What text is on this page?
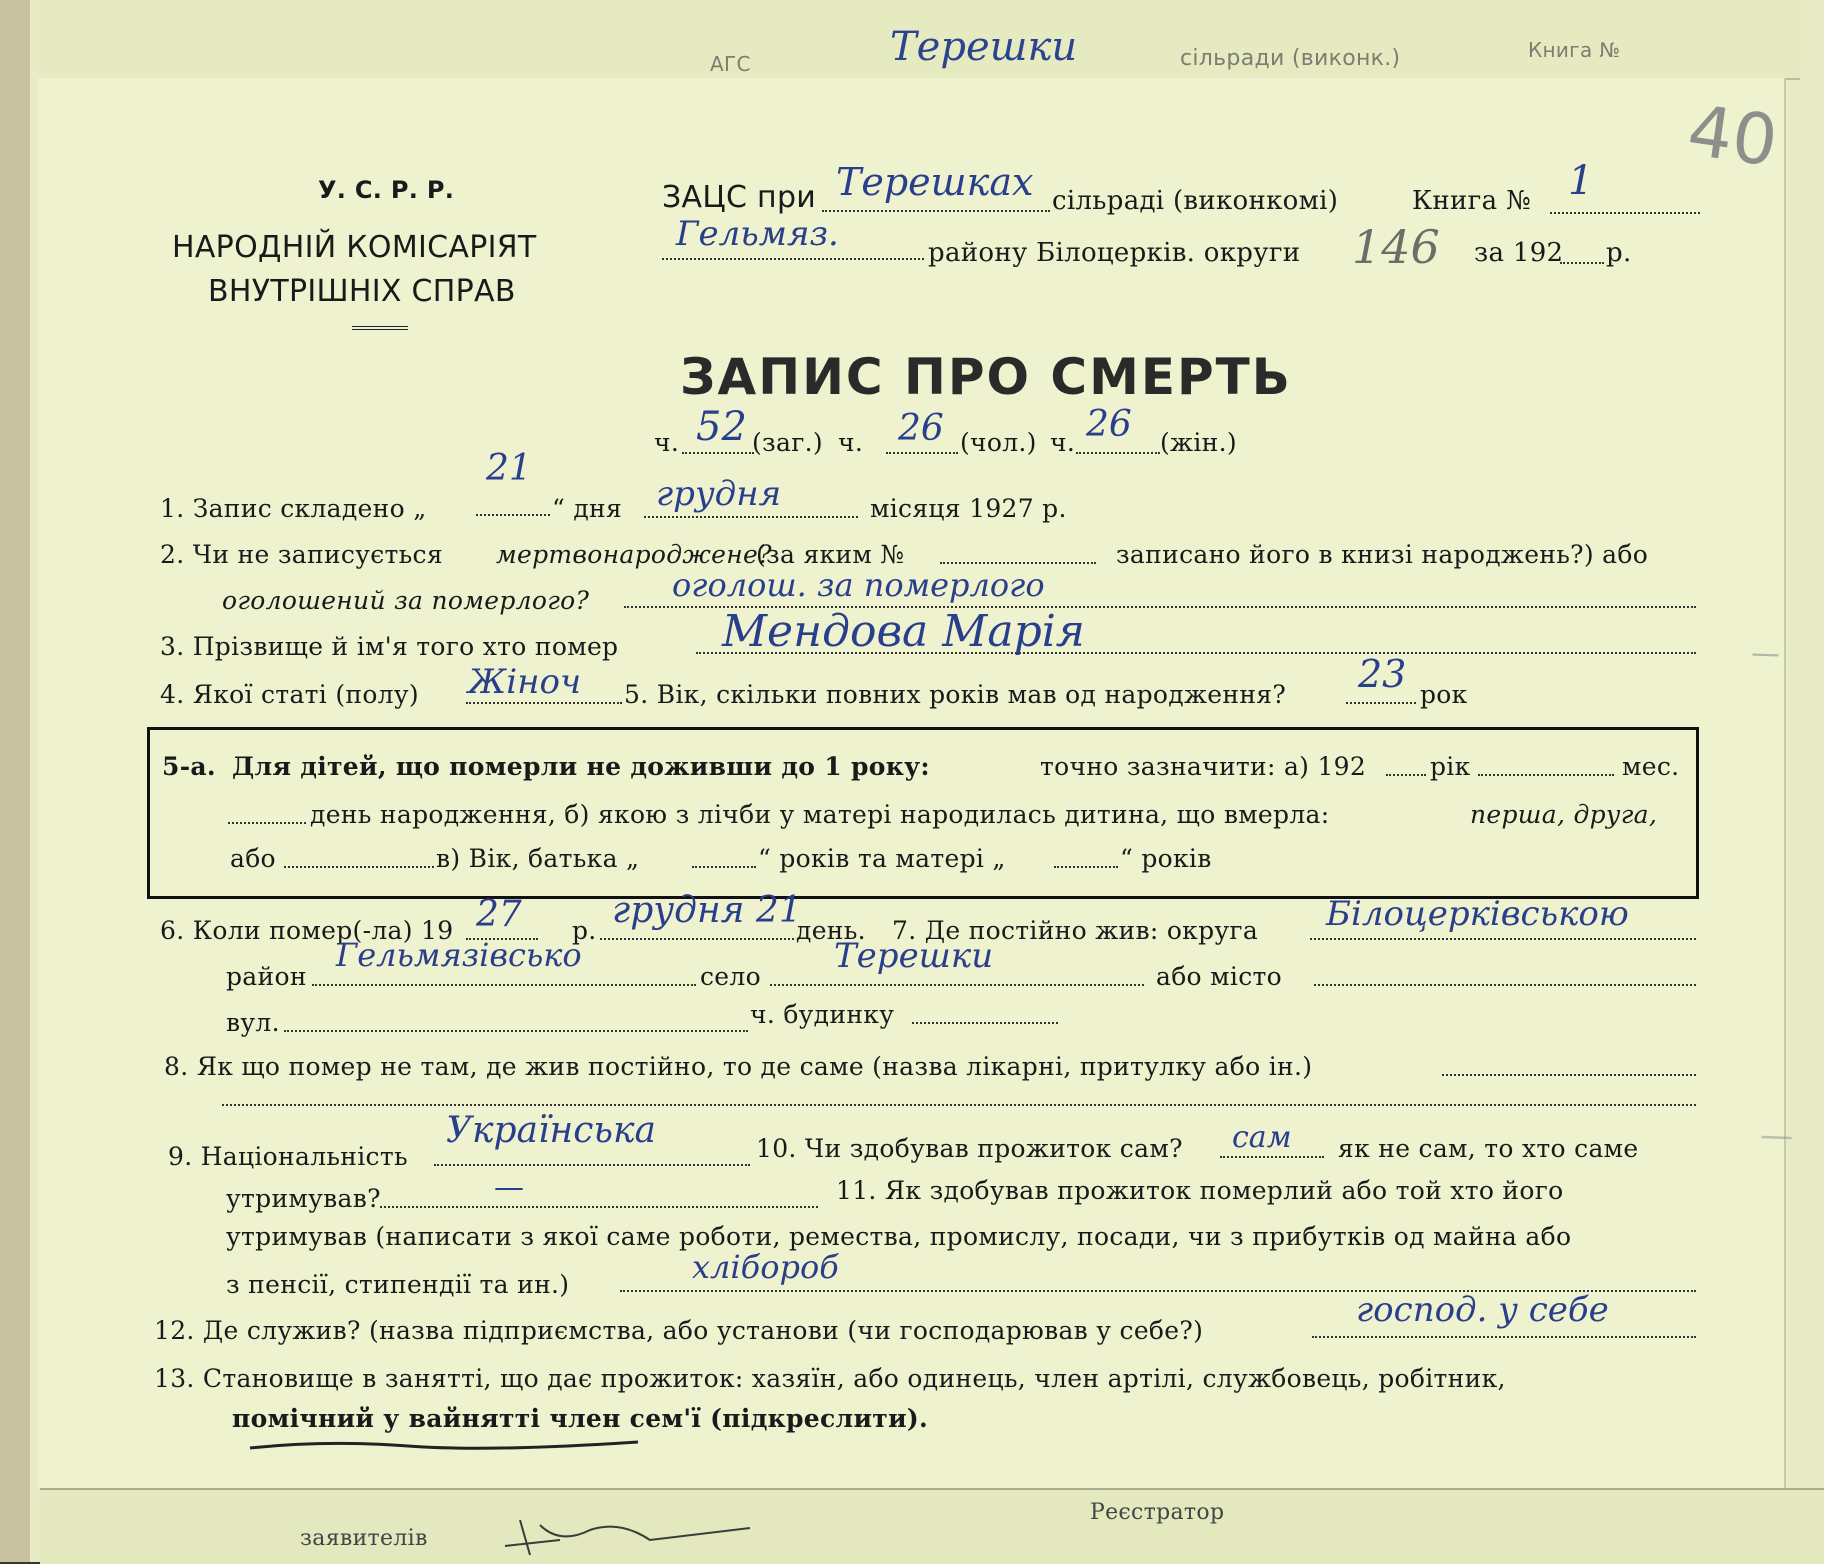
АГС	Терешки	сільради (виконк.)	Книга №
Реєстратор
заявителів
40
У. С. Р. Р.
НАРОДНІЙ КОМІСАРІЯТ
ВНУТРІШНІХ СПРАВ
ЗАЦС при Терешках сільраді (виконкомі)	Книга № 1
Гельмяз.	району Білоцерків. округи 146 за 192 р.
ЗАПИС ПРО СМЕРТЬ
ч. 52 (заг.) ч. 26 (чол.) ч. 26 (жін.)
1. Запис складено „
21
“ дня грудня	місяця 1927 р.
2. Чи не записується мертвонароджене?
(за яким №	записано його в книзі народжень?) або
оголошений за померлого?	оголош. за померлого
3. Прізвище й ім'я того хто помер Мендова Марія
4. Якої статі (полу) Жіноч 5. Вік, скільки повних років мав од народження? 23 рок
5-а. Для дітей, що померли не доживши до 1 року:	точно зазначити: а) 192	рік	мес.
день народження, б) якою з лічби у матері народилась дитина, що вмерла:	перша, друга,
або	в) Вік, батька „	“ років та матері „	“ років
6. Коли помер(-ла) 19 27 р. грудня 21
день. 7. Де постійно жив: округа Білоцерківською
район
Гельмязівсько
село
Терешки
або місто
вул.	ч. будинку
8. Як що помер не там, де жив постійно, то де саме (назва лікарні, притулку або ін.)
9. Національність
Українська	10. Чи здобував прожиток сам? сам як не сам, то хто саме
утримував?	—	11. Як здобував прожиток померлий або той хто його
утримував (написати з якої саме роботи, ремества, промислу, посади, чи з прибутків од майна або
з пенсії, стипендії та ин.)	хлібороб
12. Де служив? (назва підприємства, або установи (чи господарював у себе?)
господ. у себе
13. Становище в занятті, що дає прожиток: хазяїн, або одинець, член артілі, службовець, робітник,
помічний у вайнятті член сем'ї (підкреслити).
|
|
